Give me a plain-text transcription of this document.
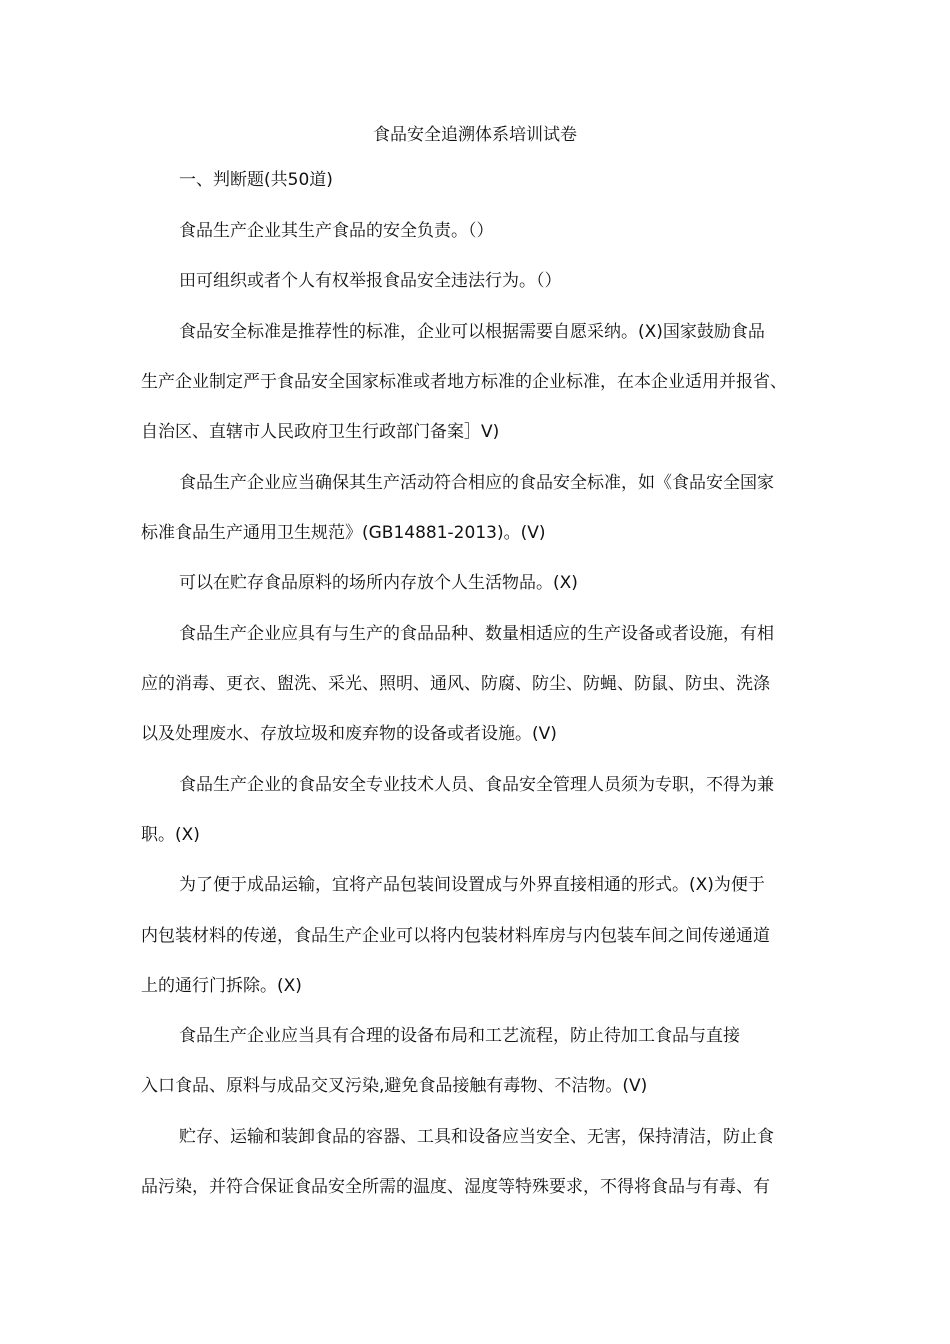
食品安全追溯体系培训试卷
一、判断题(共50道)
食品生产企业其生产食品的安全负责。（）
田可组织或者个人有权举报食品安全违法行为。（）
食品安全标准是推荐性的标准，企业可以根据需要自愿采纳。(X)国家鼓励食品
生产企业制定严于食品安全国家标准或者地方标准的企业标准，在本企业适用并报省、
自治区、直辖市人民政府卫生行政部门备案］V)
食品生产企业应当确保其生产活动符合相应的食品安全标准，如《食品安全国家
标准食品生产通用卫生规范》(GB14881-2013)。(V)
可以在贮存食品原料的场所内存放个人生活物品。(X)
食品生产企业应具有与生产的食品品种、数量相适应的生产设备或者设施，有相
应的消毒、更衣、盥洗、采光、照明、通风、防腐、防尘、防蝇、防鼠、防虫、洗涤
以及处理废水、存放垃圾和废弃物的设备或者设施。(V)
食品生产企业的食品安全专业技术人员、食品安全管理人员须为专职，不得为兼
职。(X)
为了便于成品运输，宜将产品包装间设置成与外界直接相通的形式。(X)为便于
内包装材料的传递，食品生产企业可以将内包装材料库房与内包装车间之间传递通道
上的通行门拆除。(X)
食品生产企业应当具有合理的设备布局和工艺流程，防止待加工食品与直接
入口食品、原料与成品交叉污染,避免食品接触有毒物、不洁物。(V)
贮存、运输和装卸食品的容器、工具和设备应当安全、无害，保持清洁，防止食
品污染，并符合保证食品安全所需的温度、湿度等特殊要求，不得将食品与有毒、有
